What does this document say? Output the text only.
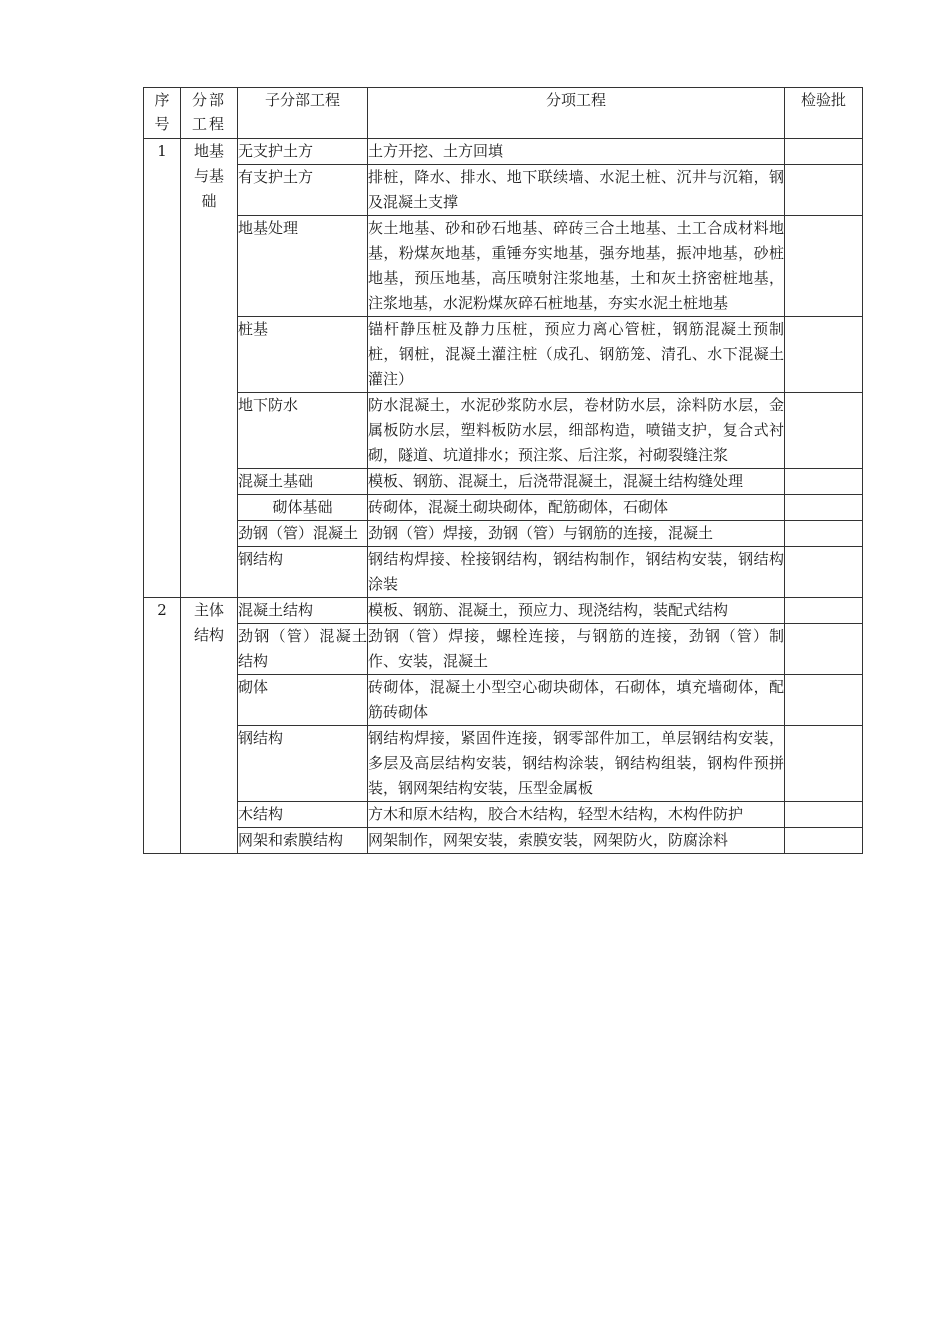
序号	分部工程	子分部工程	分项工程	检验批
1	地基与基础	无支护土方	土方开挖、土方回填	
		有支护土方	排桩，降水、排水、地下联续墙、水泥土桩、沉井与沉箱，钢及混凝土支撑	
		地基处理	灰土地基、砂和砂石地基、碎砖三合土地基、土工合成材料地基，粉煤灰地基，重锤夯实地基，强夯地基，振冲地基，砂桩地基，预压地基，高压喷射注浆地基，土和灰土挤密桩地基，注浆地基，水泥粉煤灰碎石桩地基，夯实水泥土桩地基	
		桩基	锚杆静压桩及静力压桩，预应力离心管桩，钢筋混凝土预制桩，钢桩，混凝土灌注桩（成孔、钢筋笼、清孔、水下混凝土灌注）	
		地下防水	防水混凝土，水泥砂浆防水层，卷材防水层，涂料防水层，金属板防水层，塑料板防水层，细部构造，喷锚支护，复合式衬砌，隧道、坑道排水；预注浆、后注浆，衬砌裂缝注浆	
		混凝土基础	模板、钢筋、混凝土，后浇带混凝土，混凝土结构缝处理	
		砌体基础	砖砌体，混凝土砌块砌体，配筋砌体，石砌体	
		劲钢（管）混凝土	劲钢（管）焊接，劲钢（管）与钢筋的连接，混凝土	
		钢结构	钢结构焊接、栓接钢结构，钢结构制作，钢结构安装，钢结构涂装	
2	主体结构	混凝土结构	模板、钢筋、混凝土，预应力、现浇结构，装配式结构	
		劲钢（管）混凝土结构	劲钢（管）焊接，螺栓连接，与钢筋的连接，劲钢（管）制作、安装，混凝土	
		砌体	砖砌体，混凝土小型空心砌块砌体，石砌体，填充墙砌体，配筋砖砌体	
		钢结构	钢结构焊接，紧固件连接，钢零部件加工，单层钢结构安装，多层及高层结构安装，钢结构涂装，钢结构组装，钢构件预拼装，钢网架结构安装，压型金属板	
		木结构	方木和原木结构，胶合木结构，轻型木结构，木构件防护	
		网架和索膜结构	网架制作，网架安装，索膜安装，网架防火，防腐涂料	
